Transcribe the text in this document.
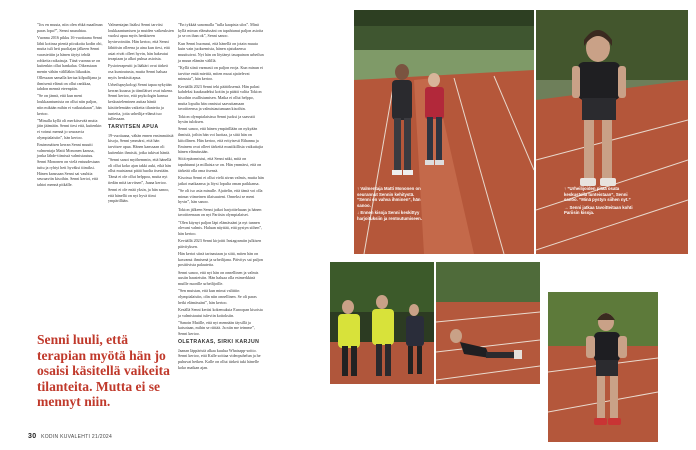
”Jos en muuta, niin olen ehkä maailman paras lopa?”, Senni naurahtaa.

Vuonna 2016 pikku 16-vuotiaana Senni lähti kotinsa pientä piirakoita kodin ohi, mutta tuli heti puoliajan jälkeen Senni varastettiin ja hänen täytyi tehdä rohkeita ratkaisuja. Tänä vuonna se on kuitenkin ollut hankalaa. Oikeastaan menin vähän välilläkin liikaakin. Ollessaan samalla kertaa kilpailijana ja ihmisenä elämä on ollut rankkaa, tahdon mennä eteenpäin.

”Se on jännä, että kun meni loukkaantumista on ollut niin paljon, niin mikään mihin ei vaikutakaan”, hän kertoo.

”Minulla kyllä oli merkitsevää mutta jäin jäämään. Senni tiesi että, kuitenkin ei voinut mennä jo seuraavia olympialaisiin”, hän kertoo.

Ensimmäisen kerran Senni muutti valmentaja Matti Mononen kanssa, jonka lähde-tiimissä valmistautuu. Senni Mononen on vielä entuudestaan tuttu ja ryhtyi heti hyväksi tiimiksi. Hänen kanssaan Senni sai vauhtia seuraaviin kisoihin. Senni kertoi, että tahtoi mennä pitkälle.

Valmentajan lisäksi Senni tarvitsi loukkaantumisen ja muiden vaikeuksien vuoksi apua myös henkiseen hyvinvointiin. Hän kertoo, että Senni lähtöisin olleena ja aina kun tiesi, että asiat eivät olleet hyvin, hän hakeutui terapiaan ja alkoi puhua asioista.

Fysioterapeutti ja lääkäri ovat tärkeä osa kuntoutusta, mutta Senni haluaa myös henkistä apua.

Urheilupsykologi Senni tapaa nykyään kerran kuussa ja tiimiläiset ovat tukena. Senni kertoo, että psykologin kanssa keskusteleminen auttaa häntä käsittelemään vaikeita tilanteita ja tunteita, joita urheilija-elämä tuo tullessaan.

TARVITSEN APUA

19-vuotiaana, vähän ennen ensimmäisiä kisoja, Senni ymmärsi, että hän tarvitsee apua. Hänen kanssaan oli kuitenkin ihmisiä, jotka tukivat häntä.

”Senni sanoi myöhemmin, että hänellä oli ollut koko ajan takki auki, eikä hän ollut muistanut pitää huolta itsestään. Tämä ei ole ollut helppoa, mutta nyt tiedän mitä tarvitsen”, Jaana kertoo.

Senni ei ole enää yksin, ja hän sanoo, että hänellä on nyt hyvä tiimi ympärillään.

Senni luuli, että terapian myötä hän jo osaisi käsitellä vaikeita tilanteita. Mutta ei se mennyt niin.

”En tykkää sanomalla ”tulla kaapista ulos”. Minä kyllä minun elämässäni on tapahtunut paljon asioita ja se on ihan ok”, Senni sanoo.

Kun Senni huomasi, että hänellä on jotain muuta kuin vain juoksemista, hänen ajatuksensa muuttuivat. Nyt hän on löytänyt tasapainon urheilun ja muun elämän välillä.

”Kyllä siinä varmasti on paljon eroja. Kun minun ei tarvitse enää miettiä, miten muut ajattelevat minusta”, hän kertoo.

Keväällä 2023 Senni teki päätöksensä. Hän palasi kahdeksi kuukaudeksi kotiin ja päätti valita Tokion kisoihin osallistumisen. Matka ei ollut helppo, mutta lopulta hän onnistui saavuttamaan tavoitteensa ja valmistautumaan kisoihin.

Tokion olympialaisissa Senni juoksi ja saavutti hyvän tuloksen.

Senni sanoo, että hänen ympärillään on nykyään ihmisiä, joihin hän voi luottaa, ja siitä hän on kiitollinen. Hän kertoo, että erityisesti Rihanna ja Eminem ovat olleet tärkeitä musiikillisia vaikuttajia hänen elämässään.

Siitä epäonnistui, että Senni näki, mitä on tapahtunut ja millaista se on. Hän ymmärsi, että on tärkeää olla oma itsensä.

Kisoissa Senni ei ollut vielä aivan valmis, mutta hän jatkoi matkaansa ja löysi lopulta oman paikkansa.

”Se oli iso asia minulle. Ajattelin, että tämä voi olla minun viimeinen tilaisuuteni. Onneksi se meni hyvin”, hän sanoo.

Tokion jälkeen Senni jatkoi harjoitteluaan ja hänen tavoitteenaan on nyt Pariisin olympialaiset.

”Olen käynyt paljon läpi elämässäni ja nyt tunnen olevani valmis. Haluan näyttää, että pystyn siihen”, hän kertoo.

Keväällä 2023 Senni kirjoitti Instagramiin julkisen päivityksen.

Hän kertoi siinä tarinastaan ja siitä, miten hän on kasvanut ihmisenä ja urheilijana. Päivitys sai paljon positiivista palautetta.

Senni sanoo, että nyt hän on onnellinen ja valmis uusiin haasteisiin. Hän haluaa olla esimerkkinä muille nuorille urheilijoille.

”Sen muistan, että kun minut valittiin olympialaisiin, olin niin onnellinen. Se oli paras hetki elämässäni”, hän kertoo.

Kesällä Senni keräsi kokemuksia Euroopan kisoista ja valmistautui tuleviin koitoksiin.

”Sanoin Matille, että nyt mennään täysillä ja katsotaan, mihin se riittää. Ja niin me teimme”, Senni kertoo.

OLETRAKAS, SIRKI KARJUN

Jaanan läppäristä alkaa kuulua Whatsapp-soitto. Senni kertoo, että Kalle soittaa videopuhelun ja he puhuvat hetken. Kalle on ollut tärkeä tuki hänelle koko matkan ajan.

30 KODIN KUVALEHTI 21/2024

↑ Valmentaja Matti Mononen on seurannut Sennin kehitystä. ”Senni on vahva ihminen”, hän sanoo.

↓ Ennen kisoja Senni keskittyy harjoituksiin ja rentoutumiseen.

↑ ”Urheilijoiden pitää osata keskustella tunteistaan”, Senni sanoo. ”Minä pystyn siihen nyt.”

→ Senni jatkaa tavoitteitaan kohti Pariisin kisoja.
